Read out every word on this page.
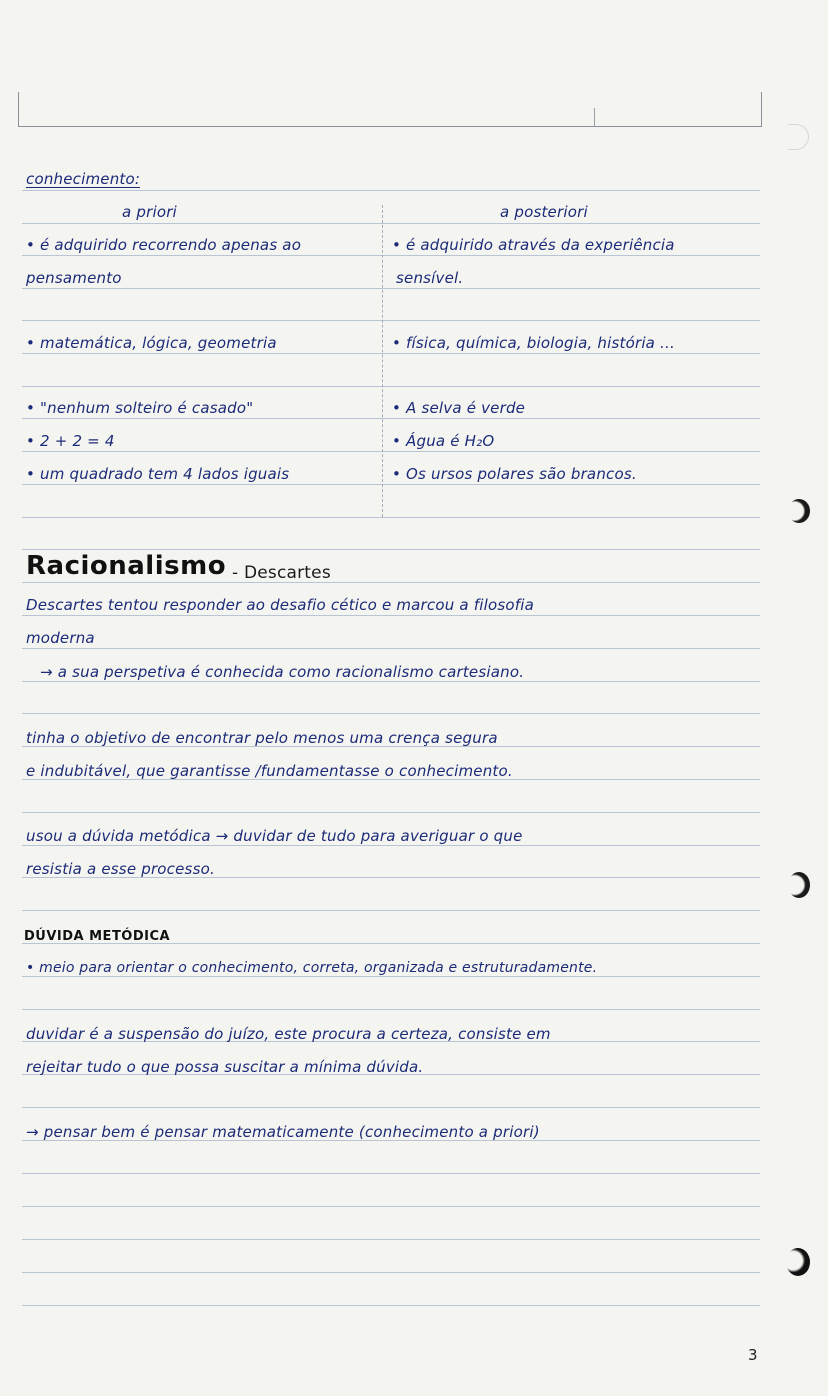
conhecimento:
a priori
• é adquirido recorrendo apenas ao
pensamento
• matemática, lógica, geometria
• "nenhum solteiro é casado"
• 2 + 2 = 4
• um quadrado tem 4 lados iguais
a posteriori
• é adquirido através da experiência
sensível.
• física, química, biologia, história ...
• A selva é verde
• Água é H₂O
• Os ursos polares são brancos.
Racionalismo - Descartes
Descartes tentou responder ao desafio cético e marcou a filosofia
moderna
→ a sua perspetiva é conhecida como racionalismo cartesiano.
tinha o objetivo de encontrar pelo menos uma crença segura
e indubitável, que garantisse /fundamentasse o conhecimento.
usou a dúvida metódica → duvidar de tudo para averiguar o que
resistia a esse processo.
DÚVIDA METÓDICA
• meio para orientar o conhecimento, correta, organizada e estruturadamente.
duvidar é a suspensão do juízo, este procura a certeza, consiste em
rejeitar tudo o que possa suscitar a mínima dúvida.
→ pensar bem é pensar matematicamente (conhecimento a priori)
3
